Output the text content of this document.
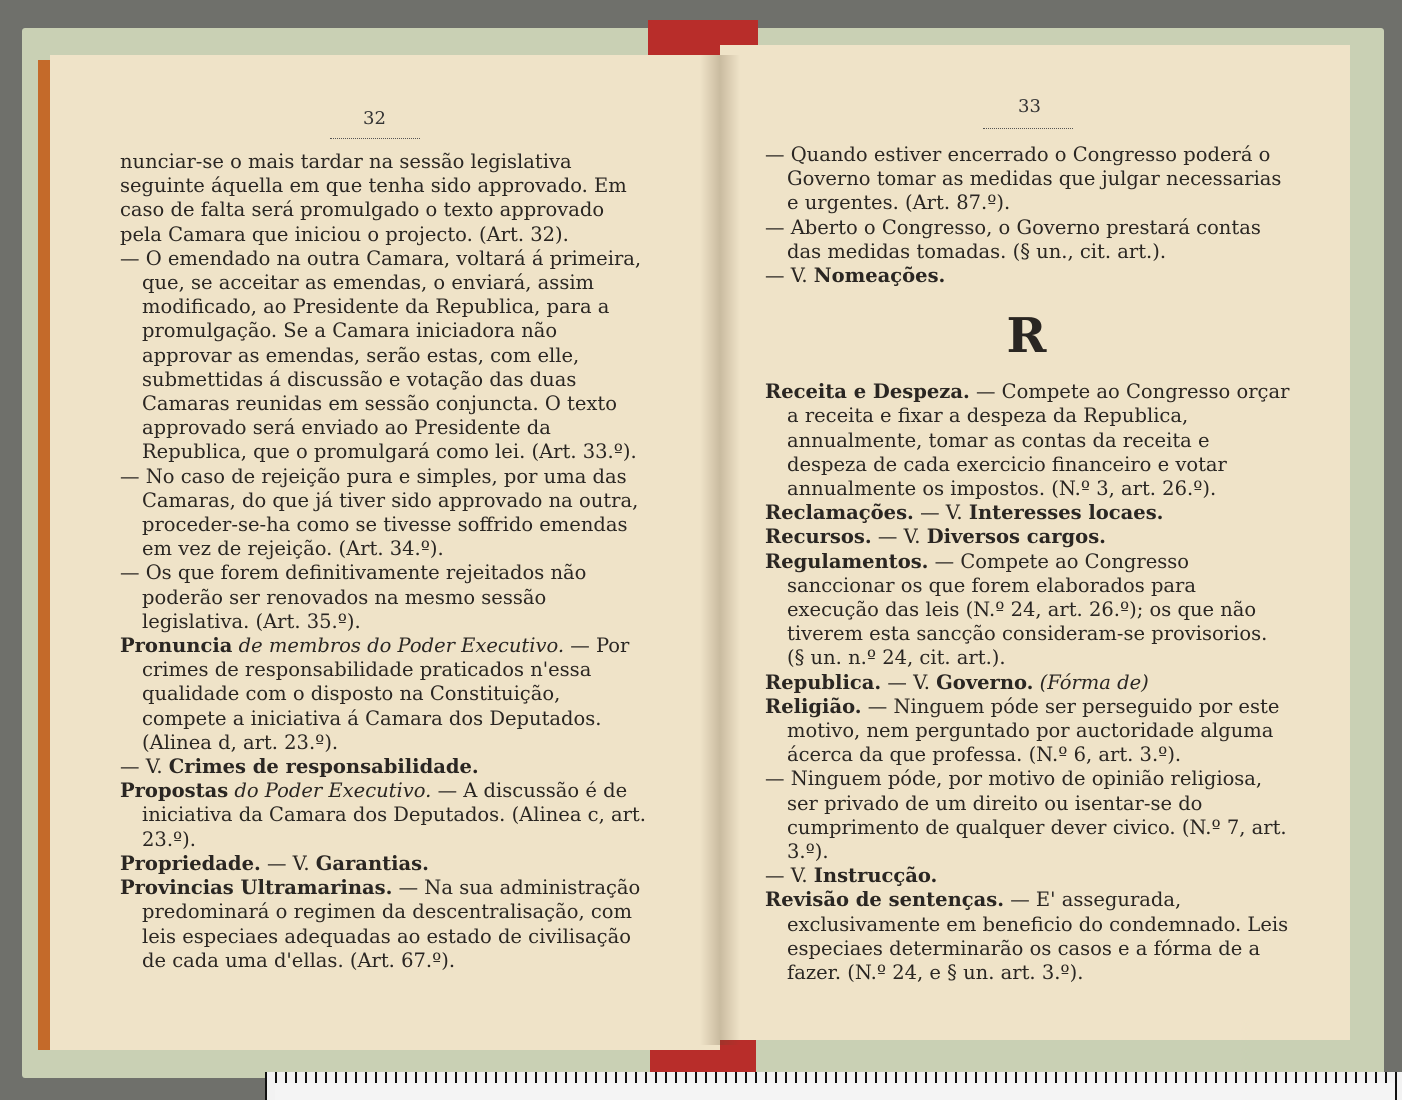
32
33

nunciar-se o mais tardar na sessão legislativa seguinte áquella em que tenha sido approvado. Em caso de falta será promulgado o texto approvado pela Camara que iniciou o projecto. (Art. 32).

— O emendado na outra Camara, voltará á primeira, que, se acceitar as emendas, o enviará, assim modificado, ao Presidente da Republica, para a promulgação. Se a Camara iniciadora não approvar as emendas, serão estas, com elle, submettidas á discussão e votação das duas Camaras reunidas em sessão conjuncta. O texto approvado será enviado ao Presidente da Republica, que o promulgará como lei. (Art. 33.º).

— No caso de rejeição pura e simples, por uma das Camaras, do que já tiver sido approvado na outra, proceder-se-ha como se tivesse soffrido emendas em vez de rejeição. (Art. 34.º).

— Os que forem definitivamente rejeitados não poderão ser renovados na mesmo sessão legislativa. (Art. 35.º).

Pronuncia de membros do Poder Executivo. — Por crimes de responsabilidade praticados n'essa qualidade com o disposto na Constituição, compete a iniciativa á Camara dos Deputados. (Alinea d, art. 23.º).

— V. Crimes de responsabilidade.

Propostas do Poder Executivo. — A discussão é de iniciativa da Camara dos Deputados. (Alinea c, art. 23.º).

Propriedade. — V. Garantias.

Provincias Ultramarinas. — Na sua administração predominará o regimen da descentralisação, com leis especiaes adequadas ao estado de civilisação de cada uma d'ellas. (Art. 67.º).

— Quando estiver encerrado o Congresso poderá o Governo tomar as medidas que julgar necessarias e urgentes. (Art. 87.º).

— Aberto o Congresso, o Governo prestará contas das medidas tomadas. (§ un., cit. art.).

— V. Nomeações.

R

Receita e Despeza. — Compete ao Congresso orçar a receita e fixar a despeza da Republica, annualmente, tomar as contas da receita e despeza de cada exercicio financeiro e votar annualmente os impostos. (N.º 3, art. 26.º).

Reclamações. — V. Interesses locaes.

Recursos. — V. Diversos cargos.

Regulamentos. — Compete ao Congresso sanccionar os que forem elaborados para execução das leis (N.º 24, art. 26.º); os que não tiverem esta sancção consideram-se provisorios. (§ un. n.º 24, cit. art.).

Republica. — V. Governo. (Fórma de)

Religião. — Ninguem póde ser perseguido por este motivo, nem perguntado por auctoridade alguma ácerca da que professa. (N.º 6, art. 3.º).

— Ninguem póde, por motivo de opinião religiosa, ser privado de um direito ou isentar-se do cumprimento de qualquer dever civico. (N.º 7, art. 3.º).

— V. Instrucção.

Revisão de sentenças. — E' assegurada, exclusivamente em beneficio do condemnado. Leis especiaes determinarão os casos e a fórma de a fazer. (N.º 24, e § un. art. 3.º).
